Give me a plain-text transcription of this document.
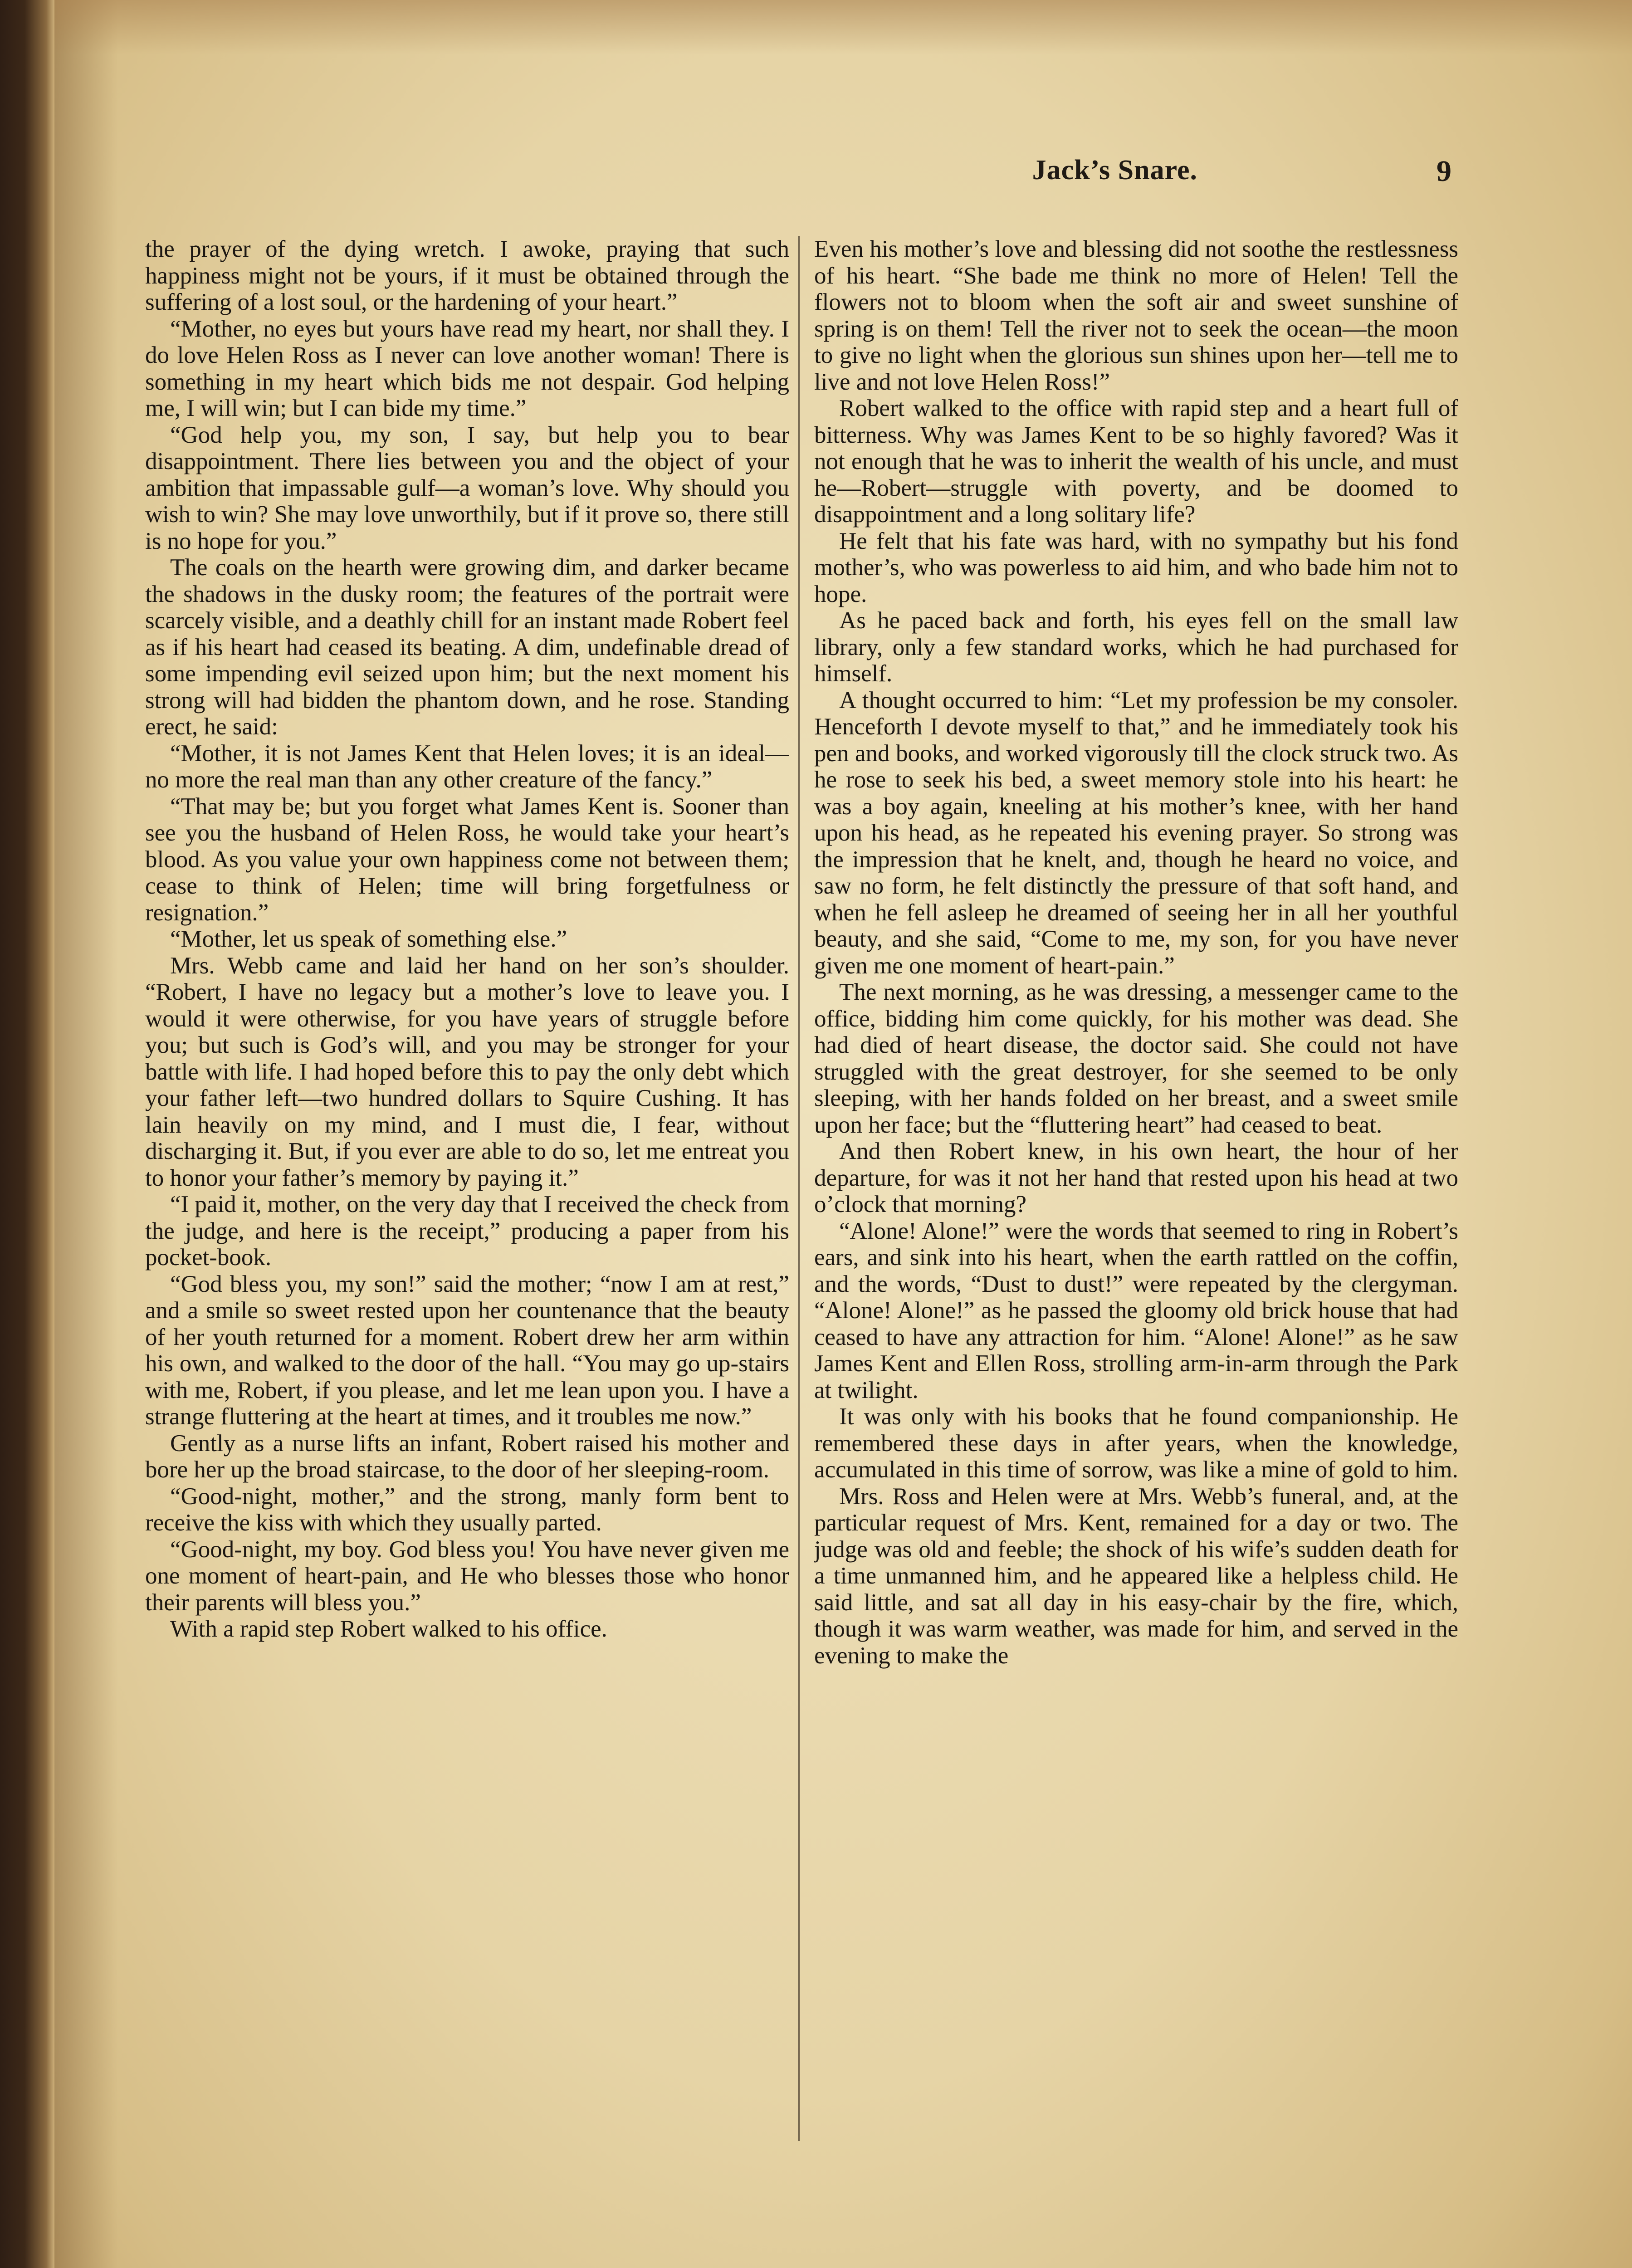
Jack’s Snare.	9

the prayer of the dying wretch. I awoke, praying that such happiness might not be yours, if it must be obtained through the suffering of a lost soul, or the hardening of your heart.”

“Mother, no eyes but yours have read my heart, nor shall they. I do love Helen Ross as I never can love another woman! There is something in my heart which bids me not despair. God helping me, I will win; but I can bide my time.”

“God help you, my son, I say, but help you to bear disappointment. There lies between you and the object of your ambition that impassable gulf—a woman’s love. Why should you wish to win? She may love unworthily, but if it prove so, there still is no hope for you.”

The coals on the hearth were growing dim, and darker became the shadows in the dusky room; the features of the portrait were scarcely visible, and a deathly chill for an instant made Robert feel as if his heart had ceased its beating. A dim, undefinable dread of some impending evil seized upon him; but the next moment his strong will had bidden the phantom down, and he rose. Standing erect, he said:

“Mother, it is not James Kent that Helen loves; it is an ideal—no more the real man than any other creature of the fancy.”

“That may be; but you forget what James Kent is. Sooner than see you the husband of Helen Ross, he would take your heart’s blood. As you value your own happiness come not between them; cease to think of Helen; time will bring forgetfulness or resignation.”

“Mother, let us speak of something else.”

Mrs. Webb came and laid her hand on her son’s shoulder. “Robert, I have no legacy but a mother’s love to leave you. I would it were otherwise, for you have years of struggle before you; but such is God’s will, and you may be stronger for your battle with life. I had hoped before this to pay the only debt which your father left—two hundred dollars to Squire Cushing. It has lain heavily on my mind, and I must die, I fear, without discharging it. But, if you ever are able to do so, let me entreat you to honor your father’s memory by paying it.”

“I paid it, mother, on the very day that I received the check from the judge, and here is the receipt,” producing a paper from his pocket-book.

“God bless you, my son!” said the mother; “now I am at rest,” and a smile so sweet rested upon her countenance that the beauty of her youth returned for a moment. Robert drew her arm within his own, and walked to the door of the hall. “You may go up-stairs with me, Robert, if you please, and let me lean upon you. I have a strange fluttering at the heart at times, and it troubles me now.”

Gently as a nurse lifts an infant, Robert raised his mother and bore her up the broad staircase, to the door of her sleeping-room.

“Good-night, mother,” and the strong, manly form bent to receive the kiss with which they usually parted.

“Good-night, my boy. God bless you! You have never given me one moment of heart-pain, and He who blesses those who honor their parents will bless you.”

With a rapid step Robert walked to his office.

Even his mother’s love and blessing did not soothe the restlessness of his heart. “She bade me think no more of Helen! Tell the flowers not to bloom when the soft air and sweet sunshine of spring is on them! Tell the river not to seek the ocean—the moon to give no light when the glorious sun shines upon her—tell me to live and not love Helen Ross!”

Robert walked to the office with rapid step and a heart full of bitterness. Why was James Kent to be so highly favored? Was it not enough that he was to inherit the wealth of his uncle, and must he—Robert—struggle with poverty, and be doomed to disappointment and a long solitary life?

He felt that his fate was hard, with no sympathy but his fond mother’s, who was powerless to aid him, and who bade him not to hope.

As he paced back and forth, his eyes fell on the small law library, only a few standard works, which he had purchased for himself.

A thought occurred to him: “Let my profession be my consoler. Henceforth I devote myself to that,” and he immediately took his pen and books, and worked vigorously till the clock struck two. As he rose to seek his bed, a sweet memory stole into his heart: he was a boy again, kneeling at his mother’s knee, with her hand upon his head, as he repeated his evening prayer. So strong was the impression that he knelt, and, though he heard no voice, and saw no form, he felt distinctly the pressure of that soft hand, and when he fell asleep he dreamed of seeing her in all her youthful beauty, and she said, “Come to me, my son, for you have never given me one moment of heart-pain.”

The next morning, as he was dressing, a messenger came to the office, bidding him come quickly, for his mother was dead. She had died of heart disease, the doctor said. She could not have struggled with the great destroyer, for she seemed to be only sleeping, with her hands folded on her breast, and a sweet smile upon her face; but the “fluttering heart” had ceased to beat.

And then Robert knew, in his own heart, the hour of her departure, for was it not her hand that rested upon his head at two o’clock that morning?

“Alone! Alone!” were the words that seemed to ring in Robert’s ears, and sink into his heart, when the earth rattled on the coffin, and the words, “Dust to dust!” were repeated by the clergyman. “Alone! Alone!” as he passed the gloomy old brick house that had ceased to have any attraction for him. “Alone! Alone!” as he saw James Kent and Ellen Ross, strolling arm-in-arm through the Park at twilight.

It was only with his books that he found companionship. He remembered these days in after years, when the knowledge, accumulated in this time of sorrow, was like a mine of gold to him.

Mrs. Ross and Helen were at Mrs. Webb’s funeral, and, at the particular request of Mrs. Kent, remained for a day or two. The judge was old and feeble; the shock of his wife’s sudden death for a time unmanned him, and he appeared like a helpless child. He said little, and sat all day in his easy-chair by the fire, which, though it was warm weather, was made for him, and served in the evening to make the
